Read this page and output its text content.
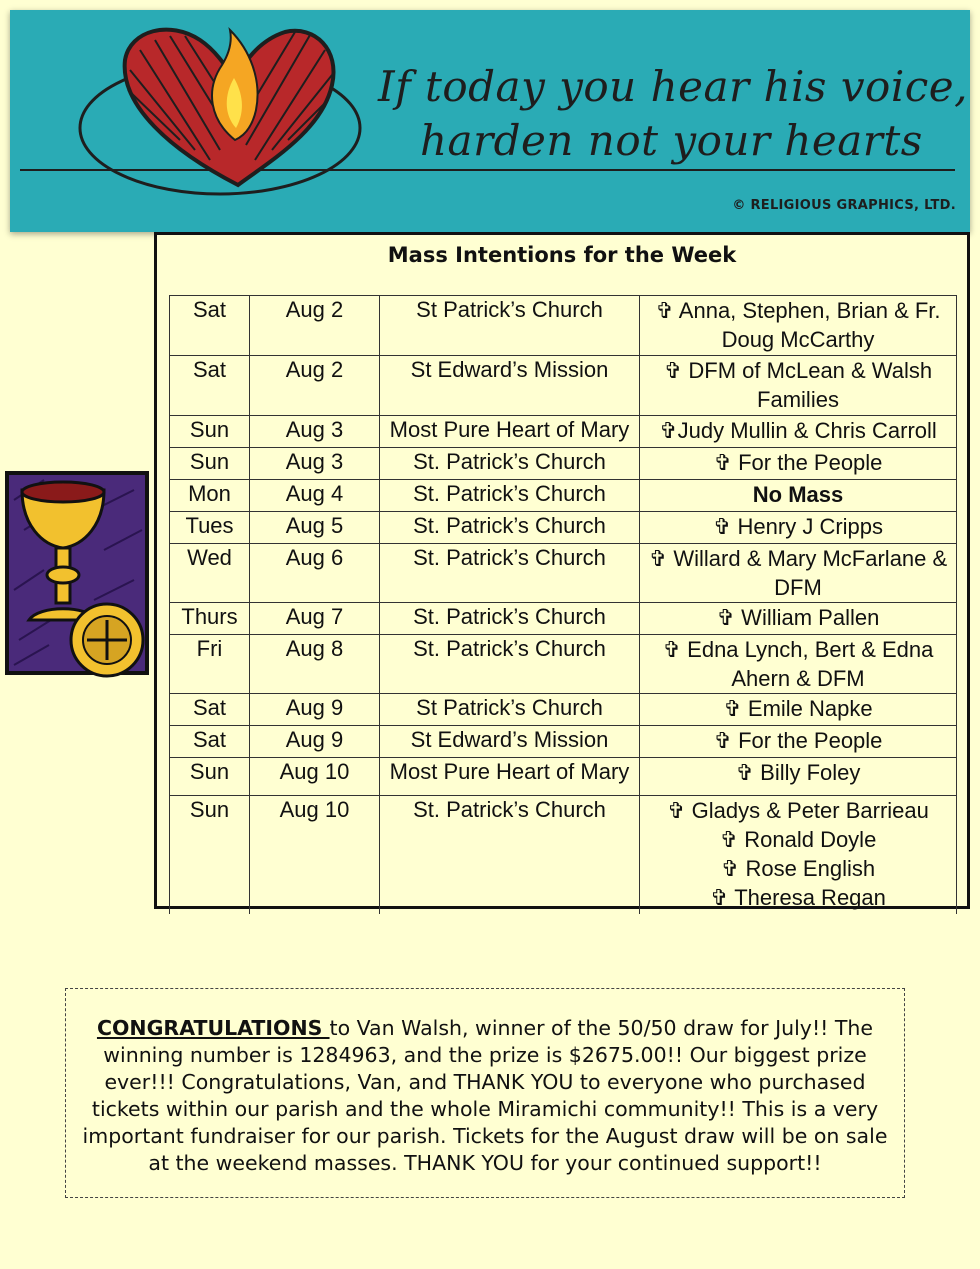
If today you hear his voice,
harden not your hearts
© RELIGIOUS GRAPHICS, LTD.
Mass Intentions for the Week
Sat	Aug 2	St Patrick’s Church	✞ Anna, Stephen, Brian & Fr. Doug McCarthy

Sat	Aug 2	St Edward’s Mission	✞ DFM of McLean & Walsh Families

Sun	Aug 3	Most Pure Heart of Mary	✞Judy Mullin & Chris Carroll

Sun	Aug 3	St. Patrick’s Church	✞ For the People

Mon	Aug 4	St. Patrick’s Church	No Mass

Tues	Aug 5	St. Patrick’s Church	✞ Henry J Cripps

Wed	Aug 6	St. Patrick’s Church	✞ Willard & Mary McFarlane & DFM

Thurs	Aug 7	St. Patrick’s Church	✞ William Pallen

Fri	Aug 8	St. Patrick’s Church	✞ Edna Lynch, Bert & Edna Ahern & DFM

Sat	Aug 9	St Patrick’s Church	✞ Emile Napke

Sat	Aug 9	St Edward’s Mission	✞ For the People

Sun	Aug 10	Most Pure Heart of Mary	✞ Billy Foley

Sun	Aug 10	St. Patrick’s Church	✞ Gladys & Peter Barrieau
✞ Ronald Doyle
✞ Rose English
✞ Theresa Regan
CONGRATULATIONS to Van Walsh, winner of the 50/50 draw for July!! The winning number is 1284963, and the prize is $2675.00!! Our biggest prize ever!!! Congratulations, Van, and THANK YOU to everyone who purchased tickets within our parish and the whole Miramichi community!! This is a very important fundraiser for our parish. Tickets for the August draw will be on sale at the weekend masses. THANK YOU for your continued support!!
